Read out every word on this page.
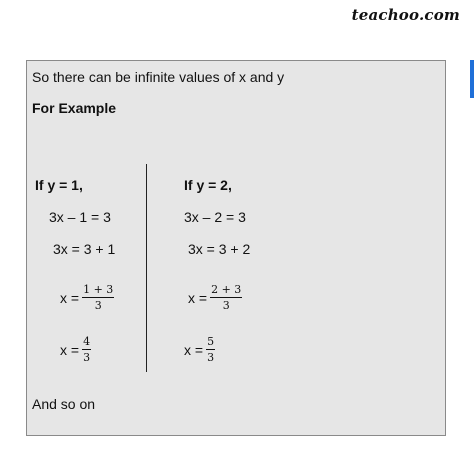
teachoo.com
So there can be infinite values of x and y
For Example
If y = 1,
3x – 1 = 3
3x = 3 + 1
$x = \frac{1 + 3}{3}$
$x = \frac{4}{3}$
If y = 2,
3x – 2 = 3
3x = 3 + 2
$x = \frac{2 + 3}{3}$
$x = \frac{5}{3}$
And so on
